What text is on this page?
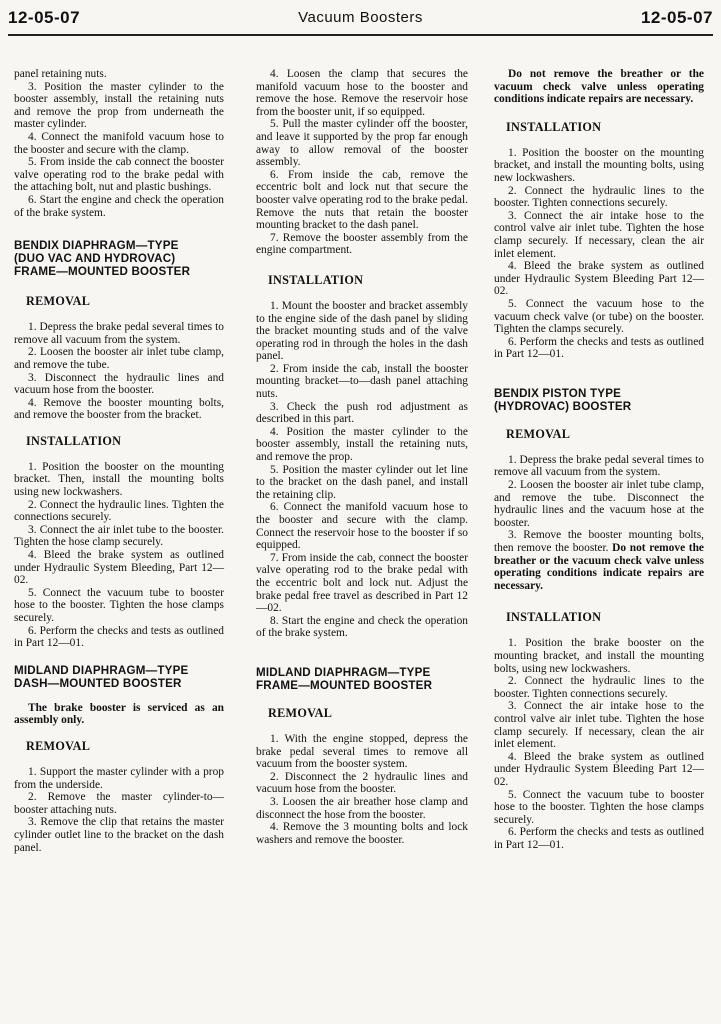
12-05-07	Vacuum Boosters	12-05-07

panel retaining nuts.

3. Position the master cylinder to the booster assembly, install the retaining nuts and remove the prop from underneath the master cylinder.

4. Connect the manifold vacuum hose to the booster and secure with the clamp.

5. From inside the cab connect the booster valve operating rod to the brake pedal with the attaching bolt, nut and plastic bushings.

6. Start the engine and check the operation of the brake system.

BENDIX DIAPHRAGM—TYPE
(DUO VAC AND HYDROVAC)
FRAME—MOUNTED BOOSTER
REMOVAL

1. Depress the brake pedal several times to remove all vacuum from the system.

2. Loosen the booster air inlet tube clamp, and remove the tube.

3. Disconnect the hydraulic lines and vacuum hose from the booster.

4. Remove the booster mounting bolts, and remove the booster from the bracket.

INSTALLATION

1. Position the booster on the mounting bracket. Then, install the mounting bolts using new lockwashers.

2. Connect the hydraulic lines. Tighten the connections securely.

3. Connect the air inlet tube to the booster. Tighten the hose clamp securely.

4. Bleed the brake system as outlined under Hydraulic System Bleeding, Part 12—02.

5. Connect the vacuum tube to booster hose to the booster. Tighten the hose clamps securely.

6. Perform the checks and tests as outlined in Part 12—01.

MIDLAND DIAPHRAGM—TYPE
DASH—MOUNTED BOOSTER

The brake booster is serviced as an assembly only.

REMOVAL

1. Support the master cylinder with a prop from the underside.

2. Remove the master cylinder-to—booster attaching nuts.

3. Remove the clip that retains the master cylinder outlet line to the bracket on the dash panel.

4. Loosen the clamp that secures the manifold vacuum hose to the booster and remove the hose. Remove the reservoir hose from the booster unit, if so equipped.

5. Pull the master cylinder off the booster, and leave it supported by the prop far enough away to allow removal of the booster assembly.

6. From inside the cab, remove the eccentric bolt and lock nut that secure the booster valve operating rod to the brake pedal. Remove the nuts that retain the booster mounting bracket to the dash panel.

7. Remove the booster assembly from the engine compartment.

INSTALLATION

1. Mount the booster and bracket assembly to the engine side of the dash panel by sliding the bracket mounting studs and of the valve operating rod in through the holes in the dash panel.

2. From inside the cab, install the booster mounting bracket—to—dash panel attaching nuts.

3. Check the push rod adjustment as described in this part.

4. Position the master cylinder to the booster assembly, install the retaining nuts, and remove the prop.

5. Position the master cylinder out let line to the bracket on the dash panel, and install the retaining clip.

6. Connect the manifold vacuum hose to the booster and secure with the clamp. Connect the reservoir hose to the booster if so equipped.

7. From inside the cab, connect the booster valve operating rod to the brake pedal with the eccentric bolt and lock nut. Adjust the brake pedal free travel as described in Part 12—02.

8. Start the engine and check the operation of the brake system.

MIDLAND DIAPHRAGM—TYPE
FRAME—MOUNTED BOOSTER
REMOVAL

1. With the engine stopped, depress the brake pedal several times to remove all vacuum from the booster system.

2. Disconnect the 2 hydraulic lines and vacuum hose from the booster.

3. Loosen the air breather hose clamp and disconnect the hose from the booster.

4. Remove the 3 mounting bolts and lock washers and remove the booster.

Do not remove the breather or the vacuum check valve unless operating conditions indicate repairs are necessary.

INSTALLATION

1. Position the booster on the mounting bracket, and install the mounting bolts, using new lockwashers.

2. Connect the hydraulic lines to the booster. Tighten connections securely.

3. Connect the air intake hose to the control valve air inlet tube. Tighten the hose clamp securely. If necessary, clean the air inlet element.

4. Bleed the brake system as outlined under Hydraulic System Bleeding Part 12—02.

5. Connect the vacuum hose to the vacuum check valve (or tube) on the booster. Tighten the clamps securely.

6. Perform the checks and tests as outlined in Part 12—01.

BENDIX PISTON TYPE
(HYDROVAC) BOOSTER
REMOVAL

1. Depress the brake pedal several times to remove all vacuum from the system.

2. Loosen the booster air inlet tube clamp, and remove the tube. Disconnect the hydraulic lines and the vacuum hose at the booster.

3. Remove the booster mounting bolts, then remove the booster. Do not remove the breather or the vacuum check valve unless operating conditions indicate repairs are necessary.

INSTALLATION

1. Position the brake booster on the mounting bracket, and install the mounting bolts, using new lockwashers.

2. Connect the hydraulic lines to the booster. Tighten connections securely.

3. Connect the air intake hose to the control valve air inlet tube. Tighten the hose clamp securely. If necessary, clean the air inlet element.

4. Bleed the brake system as outlined under Hydraulic System Bleeding Part 12—02.

5. Connect the vacuum tube to booster hose to the booster. Tighten the hose clamps securely.

6. Perform the checks and tests as outlined in Part 12—01.
